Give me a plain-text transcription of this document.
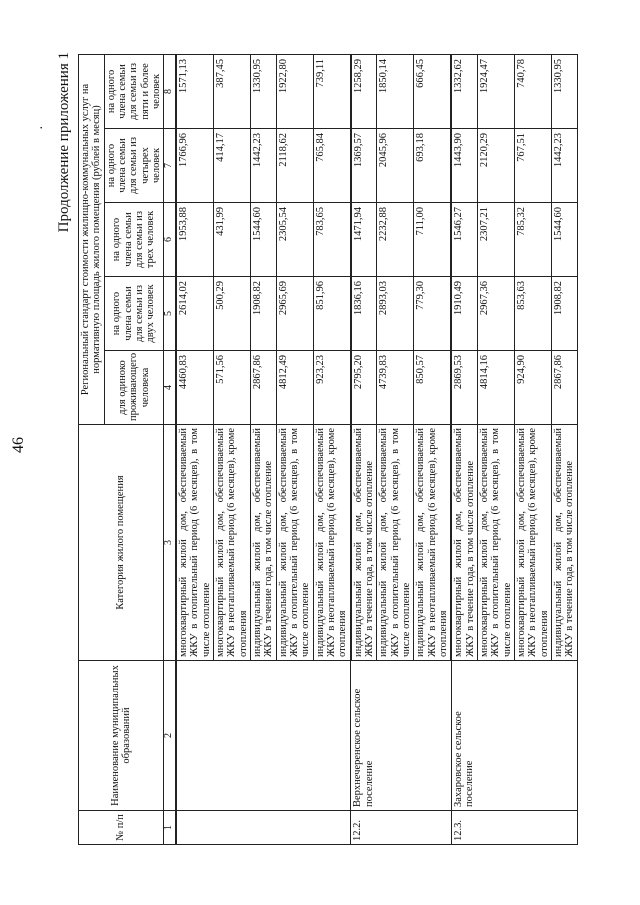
46
· Продолжение приложения 1
№ п/п	Наименование муниципальных образований	Категория жилого помещения	Региональный стандарт стоимости жилищно-коммунальных услуг на нормативную площадь жилого помещения (рублей в месяц)				
			для одиноко проживающего человека	на одного члена семьи для семьи из двух человек	на одного члена семьи для семьи из трех человек	на одного члена семьи для семьи из четырех человек	на одного члена семьи для семьи из пяти и более человек
1	2	3	4	5	6	7	8
		многоквартирный жилой дом, обеспечиваемый ЖКУ в отопительный период (6 месяцев), в том числе отопление	4460,83	2614,02	1953,88	1766,96	1571,13
		многоквартирный жилой дом, обеспечиваемый ЖКУ в неотапливаемый период (6 месяцев), кроме отопления	571,56	500,29	431,99	414,17	387,45
		индивидуальный жилой дом, обеспечиваемый ЖКУ в течение года, в том числе отопление	2867,86	1908,82	1544,60	1442,23	1330,95
		индивидуальный жилой дом, обеспечиваемый ЖКУ в отопительный период (6 месяцев), в том числе отопление	4812,49	2965,69	2305,54	2118,62	1922,80
		индивидуальный жилой дом, обеспечиваемый ЖКУ в неотапливаемый период (6 месяцев), кроме отопления	923,23	851,96	783,65	765,84	739,11
12.2.	Верхнечеренское сельское поселение	индивидуальный жилой дом, обеспечиваемый ЖКУ в течение года, в том числе отопление	2795,20	1836,16	1471,94	1369,57	1258,29
		индивидуальный жилой дом, обеспечиваемый ЖКУ в отопительный период (6 месяцев), в том числе отопление	4739,83	2893,03	2232,88	2045,96	1850,14
		индивидуальный жилой дом, обеспечиваемый ЖКУ в неотапливаемый период (6 месяцев), кроме отопления	850,57	779,30	711,00	693,18	666,45
12.3.	Захаровское сельское поселение	многоквартирный жилой дом, обеспечиваемый ЖКУ в течение года, в том числе отопление	2869,53	1910,49	1546,27	1443,90	1332,62
		многоквартирный жилой дом, обеспечиваемый ЖКУ в отопительный период (6 месяцев), в том числе отопление	4814,16	2967,36	2307,21	2120,29	1924,47
		многоквартирный жилой дом, обеспечиваемый ЖКУ в неотапливаемый период (6 месяцев), кроме отопления	924,90	853,63	785,32	767,51	740,78
		индивидуальный жилой дом, обеспечиваемый ЖКУ в течение года, в том числе отопление	2867,86	1908,82	1544,60	1442,23	1330,95
